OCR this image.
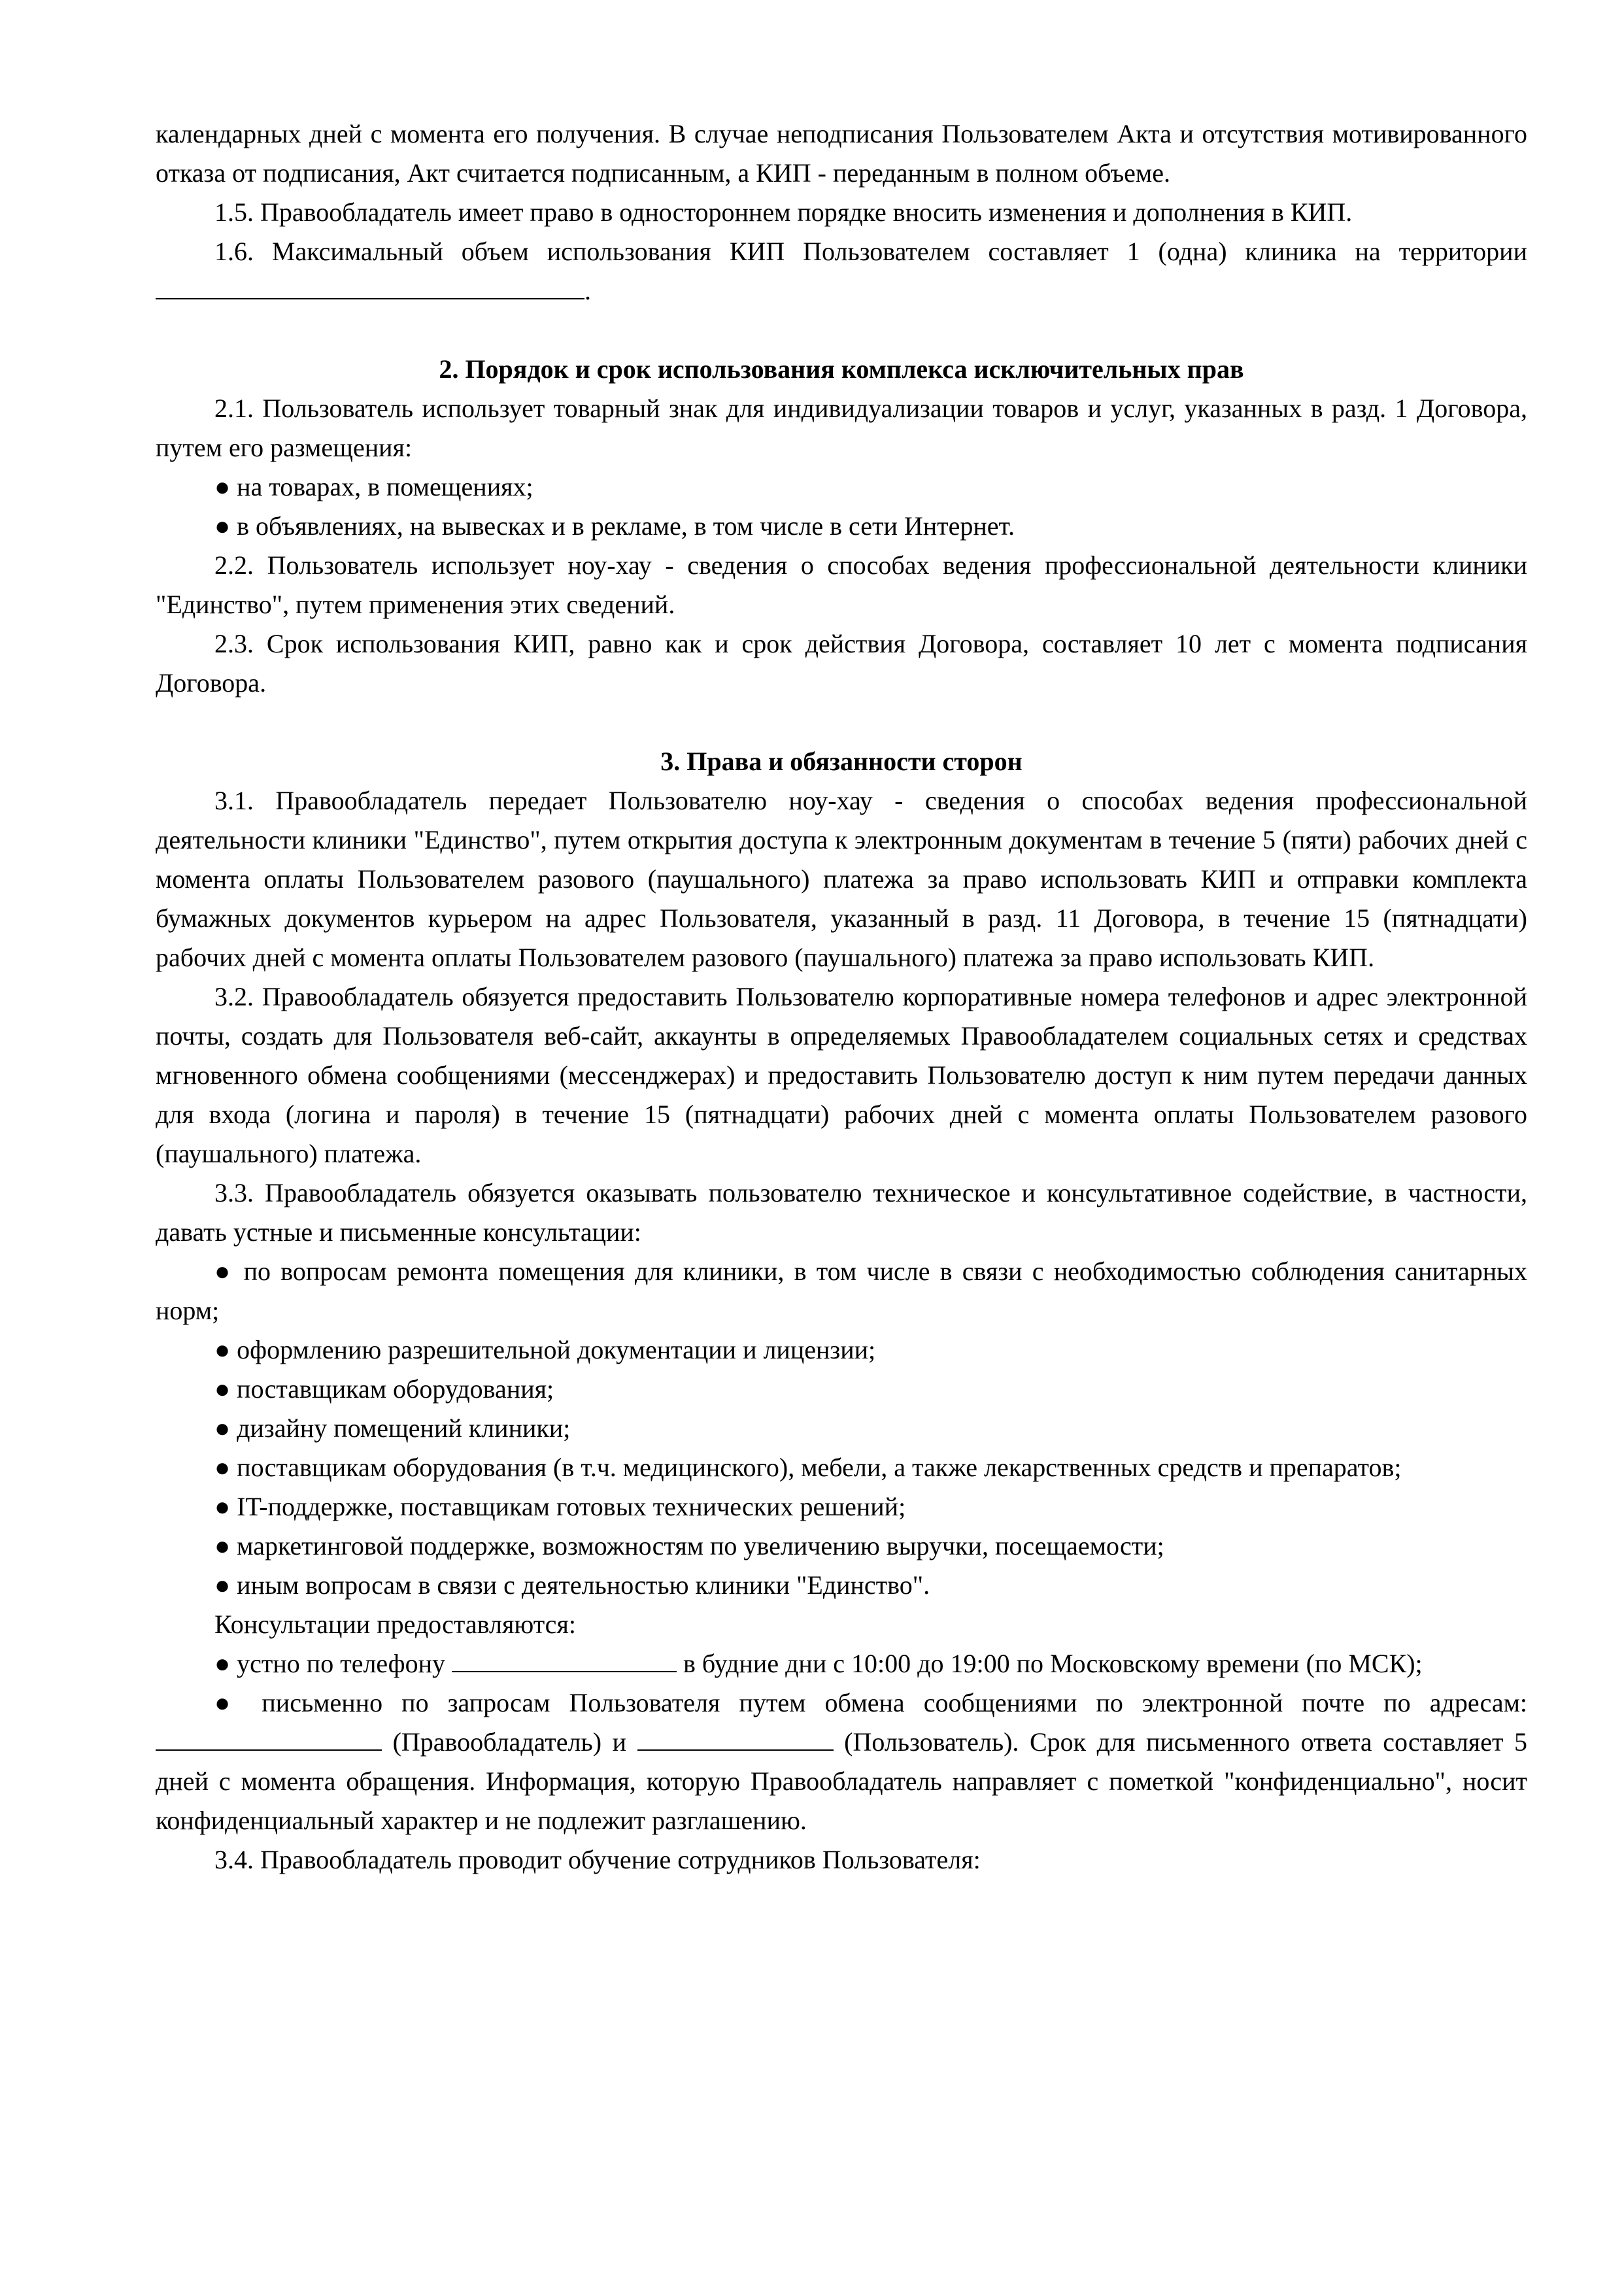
календарных дней с момента его получения. В случае неподписания Пользователем Акта и отсутствия мотивированного отказа от подписания, Акт считается подписанным, а КИП - переданным в полном объеме.

1.5. Правообладатель имеет право в одностороннем порядке вносить изменения и дополнения в КИП.

1.6. Максимальный объем использования КИП Пользователем составляет 1 (одна) клиника на территории .

2. Порядок и срок использования комплекса исключительных прав

2.1. Пользователь использует товарный знак для индивидуализации товаров и услуг, указанных в разд. 1 Договора, путем его размещения:

● на товарах, в помещениях;

● в объявлениях, на вывесках и в рекламе, в том числе в сети Интернет.

2.2. Пользователь использует ноу-хау - сведения о способах ведения профессиональной деятельности клиники "Единство", путем применения этих сведений.

2.3. Срок использования КИП, равно как и срок действия Договора, составляет 10 лет с момента подписания Договора.

3. Права и обязанности сторон

3.1. Правообладатель передает Пользователю ноу-хау - сведения о способах ведения профессиональной деятельности клиники "Единство", путем открытия доступа к электронным документам в течение 5 (пяти) рабочих дней с момента оплаты Пользователем разового (паушального) платежа за право использовать КИП и отправки комплекта бумажных документов курьером на адрес Пользователя, указанный в разд. 11 Договора, в течение 15 (пятнадцати) рабочих дней с момента оплаты Пользователем разового (паушального) платежа за право использовать КИП.

3.2. Правообладатель обязуется предоставить Пользователю корпоративные номера телефонов и адрес электронной почты, создать для Пользователя веб-сайт, аккаунты в определяемых Правообладателем социальных сетях и средствах мгновенного обмена сообщениями (мессенджерах) и предоставить Пользователю доступ к ним путем передачи данных для входа (логина и пароля) в течение 15 (пятнадцати) рабочих дней с момента оплаты Пользователем разового (паушального) платежа.

3.3. Правообладатель обязуется оказывать пользователю техническое и консультативное содействие, в частности, давать устные и письменные консультации:

● по вопросам ремонта помещения для клиники, в том числе в связи с необходимостью соблюдения санитарных норм;

● оформлению разрешительной документации и лицензии;

● поставщикам оборудования;

● дизайну помещений клиники;

● поставщикам оборудования (в т.ч. медицинского), мебели, а также лекарственных средств и препаратов;

● IT-поддержке, поставщикам готовых технических решений;

● маркетинговой поддержке, возможностям по увеличению выручки, посещаемости;

● иным вопросам в связи с деятельностью клиники "Единство".

Консультации предоставляются:

● устно по телефону	в будние дни с 10:00 до 19:00 по Московскому времени (по МСК);

● письменно по запросам Пользователя путем обмена сообщениями по электронной почте по адресам:  (Правообладатель) и	(Пользователь). Срок для письменного ответа составляет 5 дней с момента обращения. Информация, которую Правообладатель направляет с пометкой "конфиденциально", носит конфиденциальный характер и не подлежит разглашению.

3.4. Правообладатель проводит обучение сотрудников Пользователя:
